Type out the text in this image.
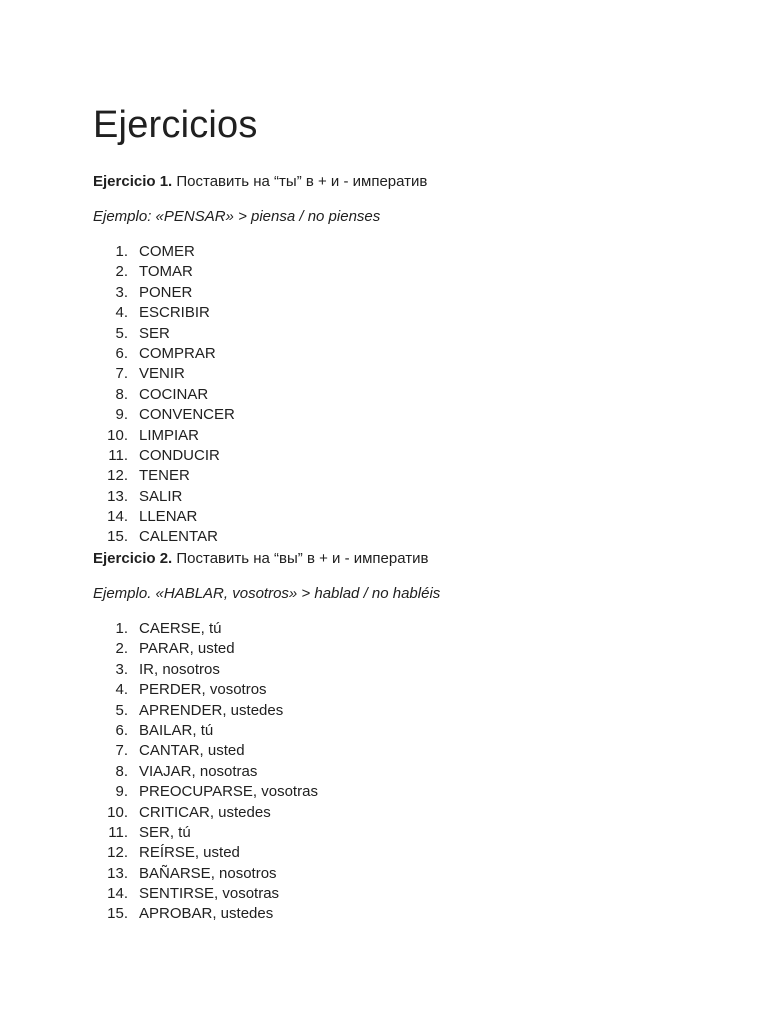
Ejercicios

Ejercicio 1. Поставить на “ты” в + и - императив

Ejemplo: «PENSAR» > piensa / no pienses

1. COMER
2. TOMAR
3. PONER
4. ESCRIBIR
5. SER
6. COMPRAR
7. VENIR
8. COCINAR
9. CONVENCER
10. LIMPIAR
11. CONDUCIR
12. TENER
13. SALIR
14. LLENAR
15. CALENTAR

Ejercicio 2. Поставить на “вы” в + и - императив

Ejemplo. «HABLAR, vosotros» > hablad / no habléis

1. CAERSE, tú
2. PARAR, usted
3. IR, nosotros
4. PERDER, vosotros
5. APRENDER, ustedes
6. BAILAR, tú
7. CANTAR, usted
8. VIAJAR, nosotras
9. PREOCUPARSE, vosotras
10. CRITICAR, ustedes
11. SER, tú
12. REÍRSE, usted
13. BAÑARSE, nosotros
14. SENTIRSE, vosotras
15. APROBAR, ustedes
